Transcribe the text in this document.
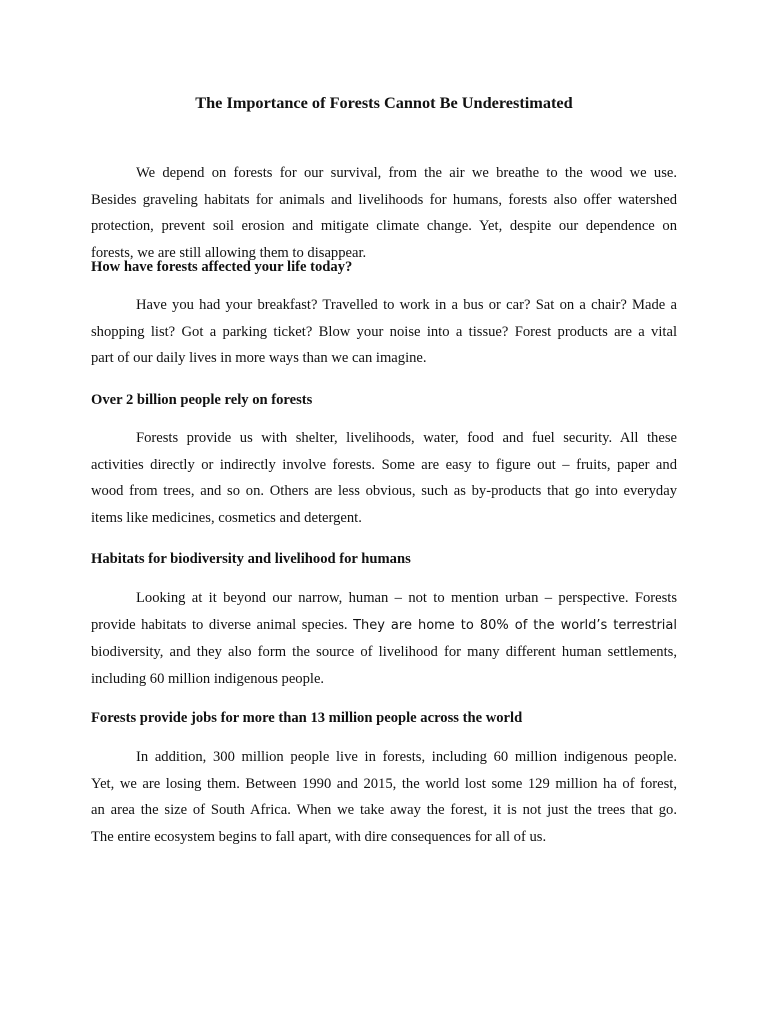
The Importance of Forests Cannot Be Underestimated
We depend on forests for our survival, from the air we breathe to the wood we use.
Besides graveling habitats for animals and livelihoods for humans, forests also offer watershed
protection, prevent soil erosion and mitigate climate change. Yet, despite our dependence on
forests, we are still allowing them to disappear.
How have forests affected your life today?
Have you had your breakfast? Travelled to work in a bus or car? Sat on a chair? Made a
shopping list? Got a parking ticket? Blow your noise into a tissue? Forest products are a vital
part of our daily lives in more ways than we can imagine.
Over 2 billion people rely on forests
Forests provide us with shelter, livelihoods, water, food and fuel security. All these
activities directly or indirectly involve forests. Some are easy to figure out – fruits, paper and
wood from trees, and so on. Others are less obvious, such as by-products that go into everyday
items like medicines, cosmetics and detergent.
Habitats for biodiversity and livelihood for humans
Looking at it beyond our narrow, human – not to mention urban – perspective. Forests
provide habitats to diverse animal species. They are home to 80% of the world’s terrestrial
biodiversity, and they also form the source of livelihood for many different human settlements,
including 60 million indigenous people.
Forests provide jobs for more than 13 million people across the world
In addition, 300 million people live in forests, including 60 million indigenous people.
Yet, we are losing them. Between 1990 and 2015, the world lost some 129 million ha of forest,
an area the size of South Africa. When we take away the forest, it is not just the trees that go.
The entire ecosystem begins to fall apart, with dire consequences for all of us.
